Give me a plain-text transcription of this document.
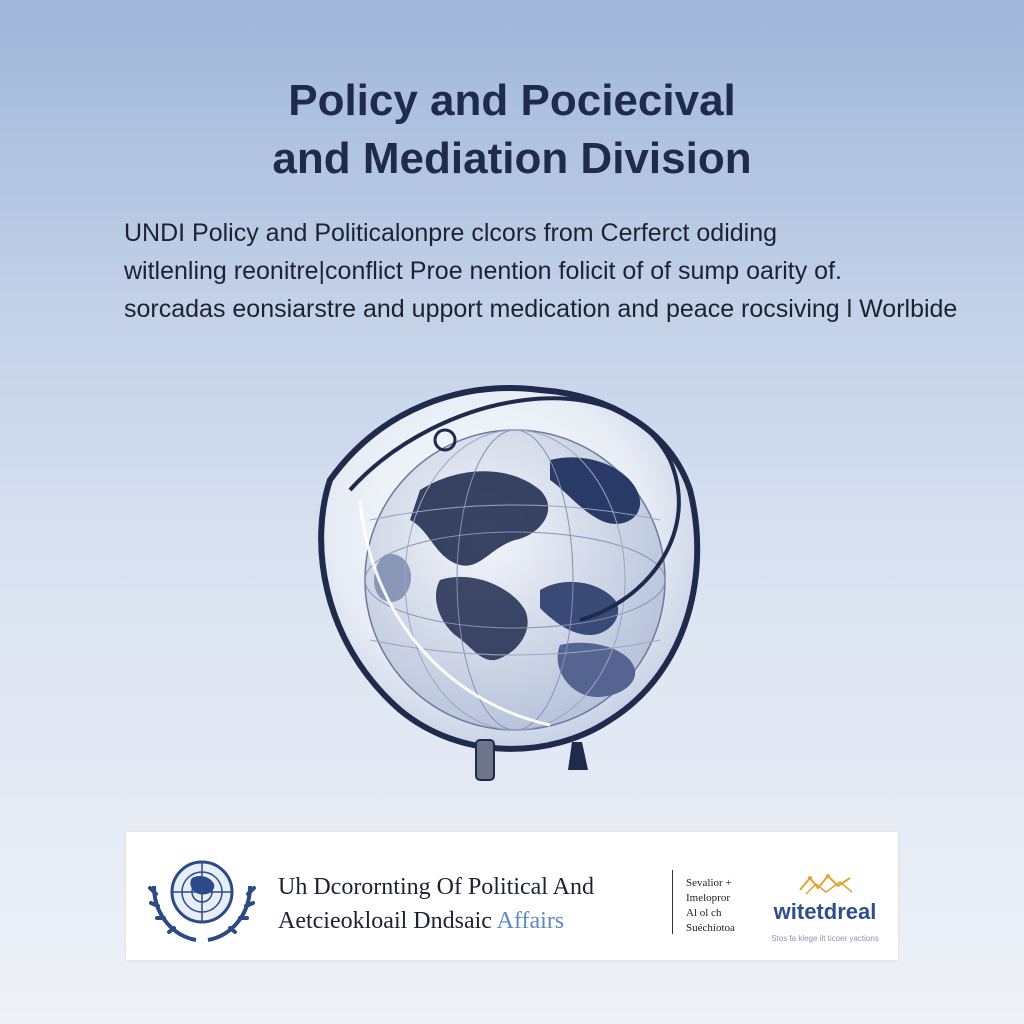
Policy and Pociecival
and Mediation Division
UNDI Policy and Politicalonpre clcors from Cerferct odiding
witlenling reonitre|conflict Proe nention folicit of of sump oarity of.
sorcadas eonsiarstre and upport medication and peace rocsiving l Worlbide
Uh Dcorornting Of Political And
Aetcieokloail Dndsaic Affairs
Sevalior +
Imelopror
Al ol ch
Suéchiotoa
witetdreal
Stos fa klege ilt ticoer yactions
